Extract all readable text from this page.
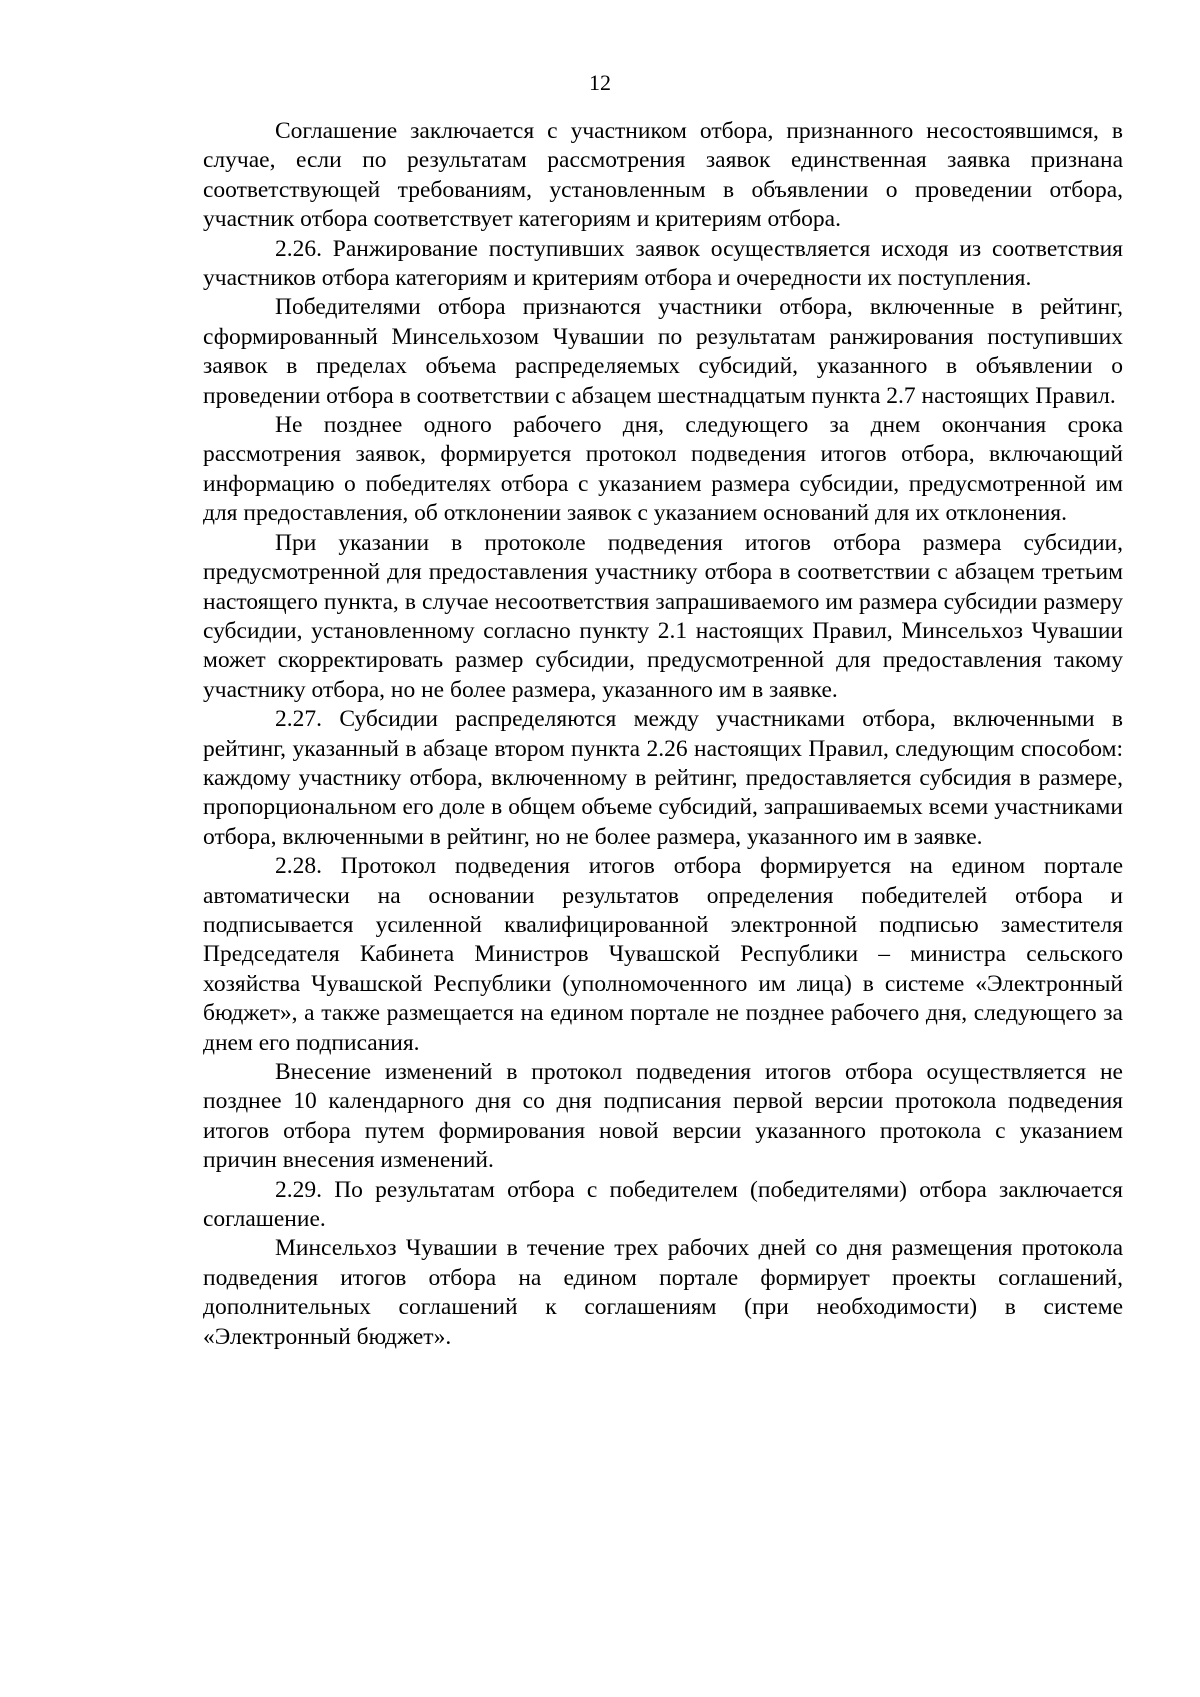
12

Соглашение заключается с участником отбора, признанного несостоявшимся, в случае, если по результатам рассмотрения заявок единственная заявка признана соответствующей требованиям, установленным в объявлении о проведении отбора, участник отбора соответствует категориям и критериям отбора.

2.26. Ранжирование поступивших заявок осуществляется исходя из соответствия участников отбора категориям и критериям отбора и очередности их поступления.

Победителями отбора признаются участники отбора, включенные в рейтинг, сформированный Минсельхозом Чувашии по результатам ранжирования поступивших заявок в пределах объема распределяемых субсидий, указанного в объявлении о проведении отбора в соответствии с абзацем шестнадцатым пункта 2.7 настоящих Правил.

Не позднее одного рабочего дня, следующего за днем окончания срока рассмотрения заявок, формируется протокол подведения итогов отбора, включающий информацию о победителях отбора с указанием размера субсидии, предусмотренной им для предоставления, об отклонении заявок с указанием оснований для их отклонения.

При указании в протоколе подведения итогов отбора размера субсидии, предусмотренной для предоставления участнику отбора в соответствии с абзацем третьим настоящего пункта, в случае несоответствия запрашиваемого им размера субсидии размеру субсидии, установленному согласно пункту 2.1 настоящих Правил, Минсельхоз Чувашии может скорректировать размер субсидии, предусмотренной для предоставления такому участнику отбора, но не более размера, указанного им в заявке.

2.27. Субсидии распределяются между участниками отбора, включенными в рейтинг, указанный в абзаце втором пункта 2.26 настоящих Правил, следующим способом: каждому участнику отбора, включенному в рейтинг, предоставляется субсидия в размере, пропорциональном его доле в общем объеме субсидий, запрашиваемых всеми участниками отбора, включенными в рейтинг, но не более размера, указанного им в заявке.

2.28. Протокол подведения итогов отбора формируется на едином портале автоматически на основании результатов определения победителей отбора и подписывается усиленной квалифицированной электронной подписью заместителя Председателя Кабинета Министров Чувашской Республики – министра сельского хозяйства Чувашской Республики (уполномоченного им лица) в системе «Электронный бюджет», а также размещается на едином портале не позднее рабочего дня, следующего за днем его подписания.

Внесение изменений в протокол подведения итогов отбора осуществляется не позднее 10 календарного дня со дня подписания первой версии протокола подведения итогов отбора путем формирования новой версии указанного протокола с указанием причин внесения изменений.

2.29. По результатам отбора с победителем (победителями) отбора заключается соглашение.

Минсельхоз Чувашии в течение трех рабочих дней со дня размещения протокола подведения итогов отбора на едином портале формирует проекты соглашений, дополнительных соглашений к соглашениям (при необходимости) в системе «Электронный бюджет».
